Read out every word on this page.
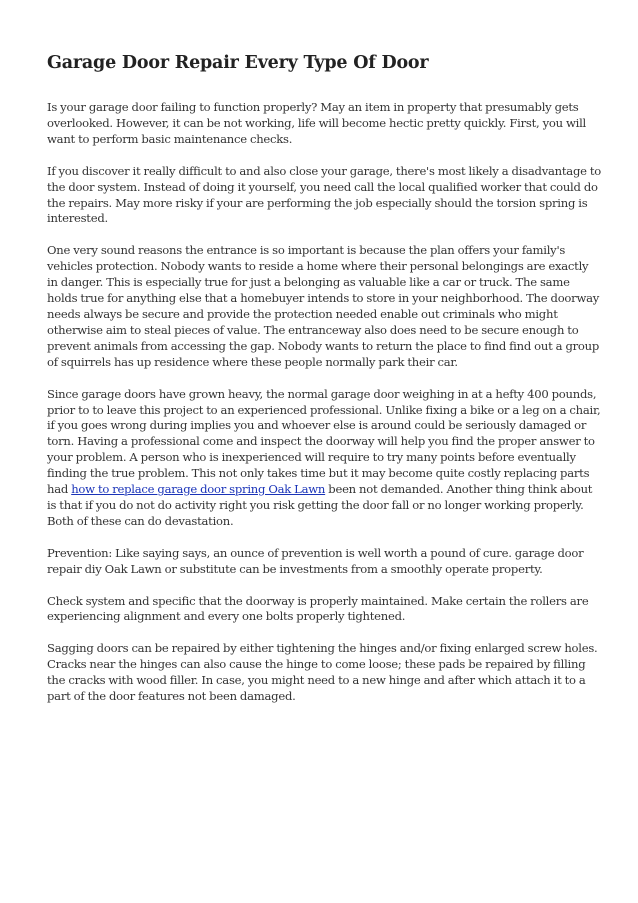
Garage Door Repair Every Type Of Door

Is your garage door failing to function properly? May an item in property that presumably gets overlooked. However, it can be not working, life will become hectic pretty quickly. First, you will want to perform basic maintenance checks.

If you discover it really difficult to and also close your garage, there's most likely a disadvantage to the door system. Instead of doing it yourself, you need call the local qualified worker that could do the repairs. May more risky if your are performing the job especially should the torsion spring is interested.

One very sound reasons the entrance is so important is because the plan offers your family's vehicles protection. Nobody wants to reside a home where their personal belongings are exactly in danger. This is especially true for just a belonging as valuable like a car or truck. The same holds true for anything else that a homebuyer intends to store in your neighborhood. The doorway needs always be secure and provide the protection needed enable out criminals who might otherwise aim to steal pieces of value. The entranceway also does need to be secure enough to prevent animals from accessing the gap. Nobody wants to return the place to find find out a group of squirrels has up residence where these people normally park their car.

Since garage doors have grown heavy, the normal garage door weighing in at a hefty 400 pounds, prior to to leave this project to an experienced professional. Unlike fixing a bike or a leg on a chair, if you goes wrong during implies you and whoever else is around could be seriously damaged or torn. Having a professional come and inspect the doorway will help you find the proper answer to your problem. A person who is inexperienced will require to try many points before eventually finding the true problem. This not only takes time but it may become quite costly replacing parts had how to replace garage door spring Oak Lawn been not demanded. Another thing think about is that if you do not do activity right you risk getting the door fall or no longer working properly. Both of these can do devastation.

Prevention: Like saying says, an ounce of prevention is well worth a pound of cure. garage door repair diy Oak Lawn or substitute can be investments from a smoothly operate property.

Check system and specific that the doorway is properly maintained. Make certain the rollers are experiencing alignment and every one bolts properly tightened.

Sagging doors can be repaired by either tightening the hinges and/or fixing enlarged screw holes. Cracks near the hinges can also cause the hinge to come loose; these pads be repaired by filling the cracks with wood filler. In case, you might need to a new hinge and after which attach it to a part of the door features not been damaged.
